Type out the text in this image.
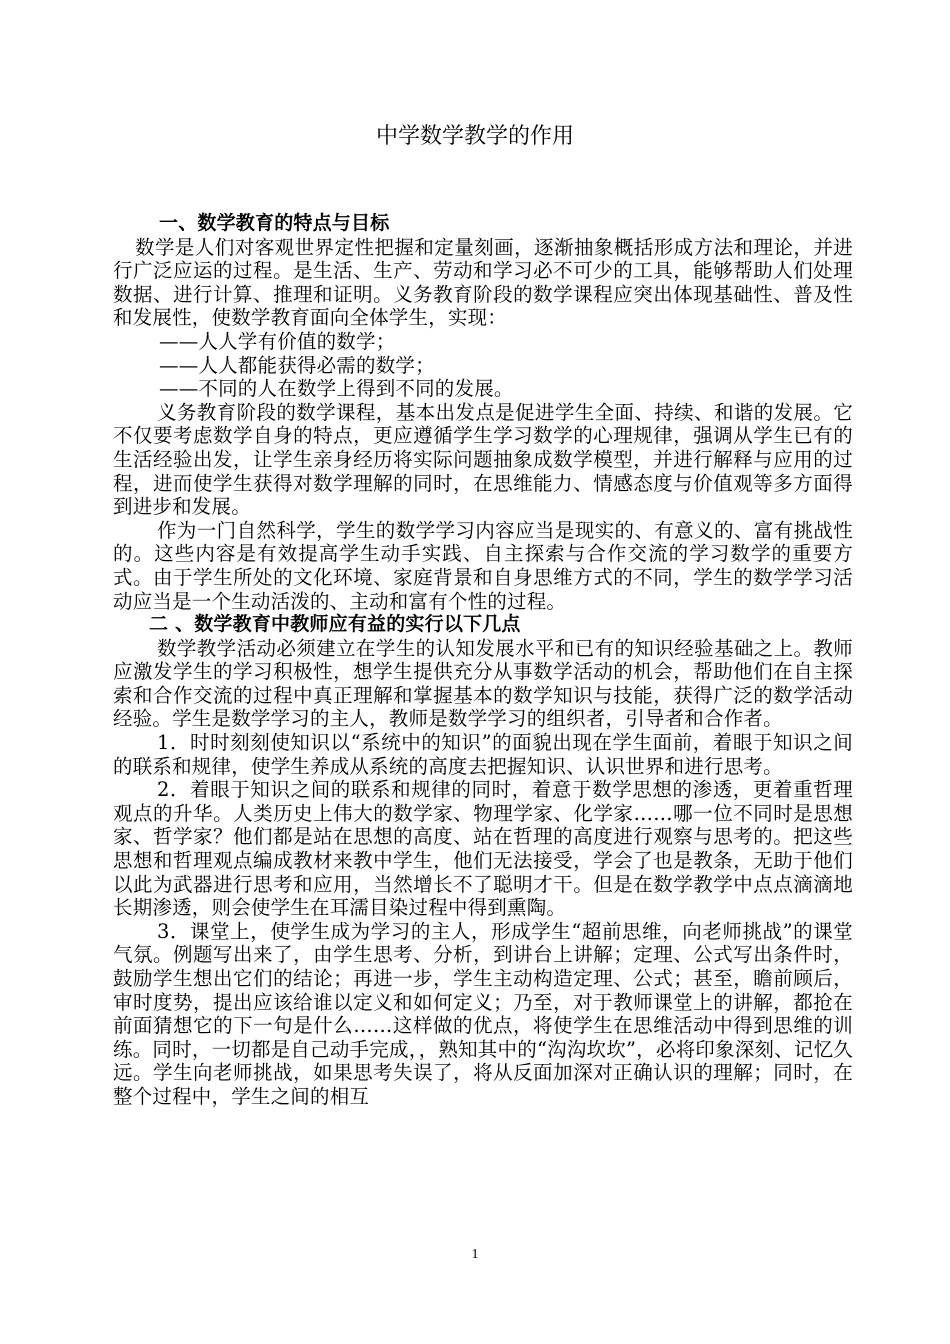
中学数学教学的作用

一、数学教育的特点与目标

数学是人们对客观世界定性把握和定量刻画，逐渐抽象概括形成方法和理论，并进行广泛应运的过程。是生活、生产、劳动和学习必不可少的工具，能够帮助人们处理数据、进行计算、推理和证明。义务教育阶段的数学课程应突出体现基础性、普及性和发展性，使数学教育面向全体学生，实现：

——人人学有价值的数学；

——人人都能获得必需的数学；

——不同的人在数学上得到不同的发展。

义务教育阶段的数学课程，基本出发点是促进学生全面、持续、和谐的发展。它不仅要考虑数学自身的特点，更应遵循学生学习数学的心理规律，强调从学生已有的生活经验出发，让学生亲身经历将实际问题抽象成数学模型，并进行解释与应用的过程，进而使学生获得对数学理解的同时，在思维能力、情感态度与价值观等多方面得到进步和发展。

作为一门自然科学，学生的数学学习内容应当是现实的、有意义的、富有挑战性的。这些内容是有效提高学生动手实践、自主探索与合作交流的学习数学的重要方式。由于学生所处的文化环境、家庭背景和自身思维方式的不同，学生的数学学习活动应当是一个生动活泼的、主动和富有个性的过程。

二 、数学教育中教师应有益的实行以下几点

数学教学活动必须建立在学生的认知发展水平和已有的知识经验基础之上。教师应激发学生的学习积极性，想学生提供充分从事数学活动的机会，帮助他们在自主探索和合作交流的过程中真正理解和掌握基本的数学知识与技能，获得广泛的数学活动经验。学生是数学学习的主人，教师是数学学习的组织者，引导者和合作者。

1．时时刻刻使知识以“系统中的知识”的面貌出现在学生面前，着眼于知识之间的联系和规律，使学生养成从系统的高度去把握知识、认识世界和进行思考。

2．着眼于知识之间的联系和规律的同时，着意于数学思想的渗透，更着重哲理观点的升华。人类历史上伟大的数学家、物理学家、化学家……哪一位不同时是思想家、哲学家？他们都是站在思想的高度、站在哲理的高度进行观察与思考的。把这些思想和哲理观点编成教材来教中学生，他们无法接受，学会了也是教条，无助于他们以此为武器进行思考和应用，当然增长不了聪明才干。但是在数学教学中点点滴滴地长期渗透，则会使学生在耳濡目染过程中得到熏陶。

3．课堂上，使学生成为学习的主人，形成学生“超前思维，向老师挑战”的课堂气氛。例题写出来了，由学生思考、分析，到讲台上讲解；定理、公式写出条件时，鼓励学生想出它们的结论；再进一步，学生主动构造定理、公式；甚至，瞻前顾后，审时度势，提出应该给谁以定义和如何定义；乃至，对于教师课堂上的讲解，都抢在前面猜想它的下一句是什么……这样做的优点，将使学生在思维活动中得到思维的训练。同时，一切都是自己动手完成，，熟知其中的“沟沟坎坎”，必将印象深刻、记忆久远。学生向老师挑战，如果思考失误了，将从反面加深对正确认识的理解；同时，在整个过程中，学生之间的相互

1
